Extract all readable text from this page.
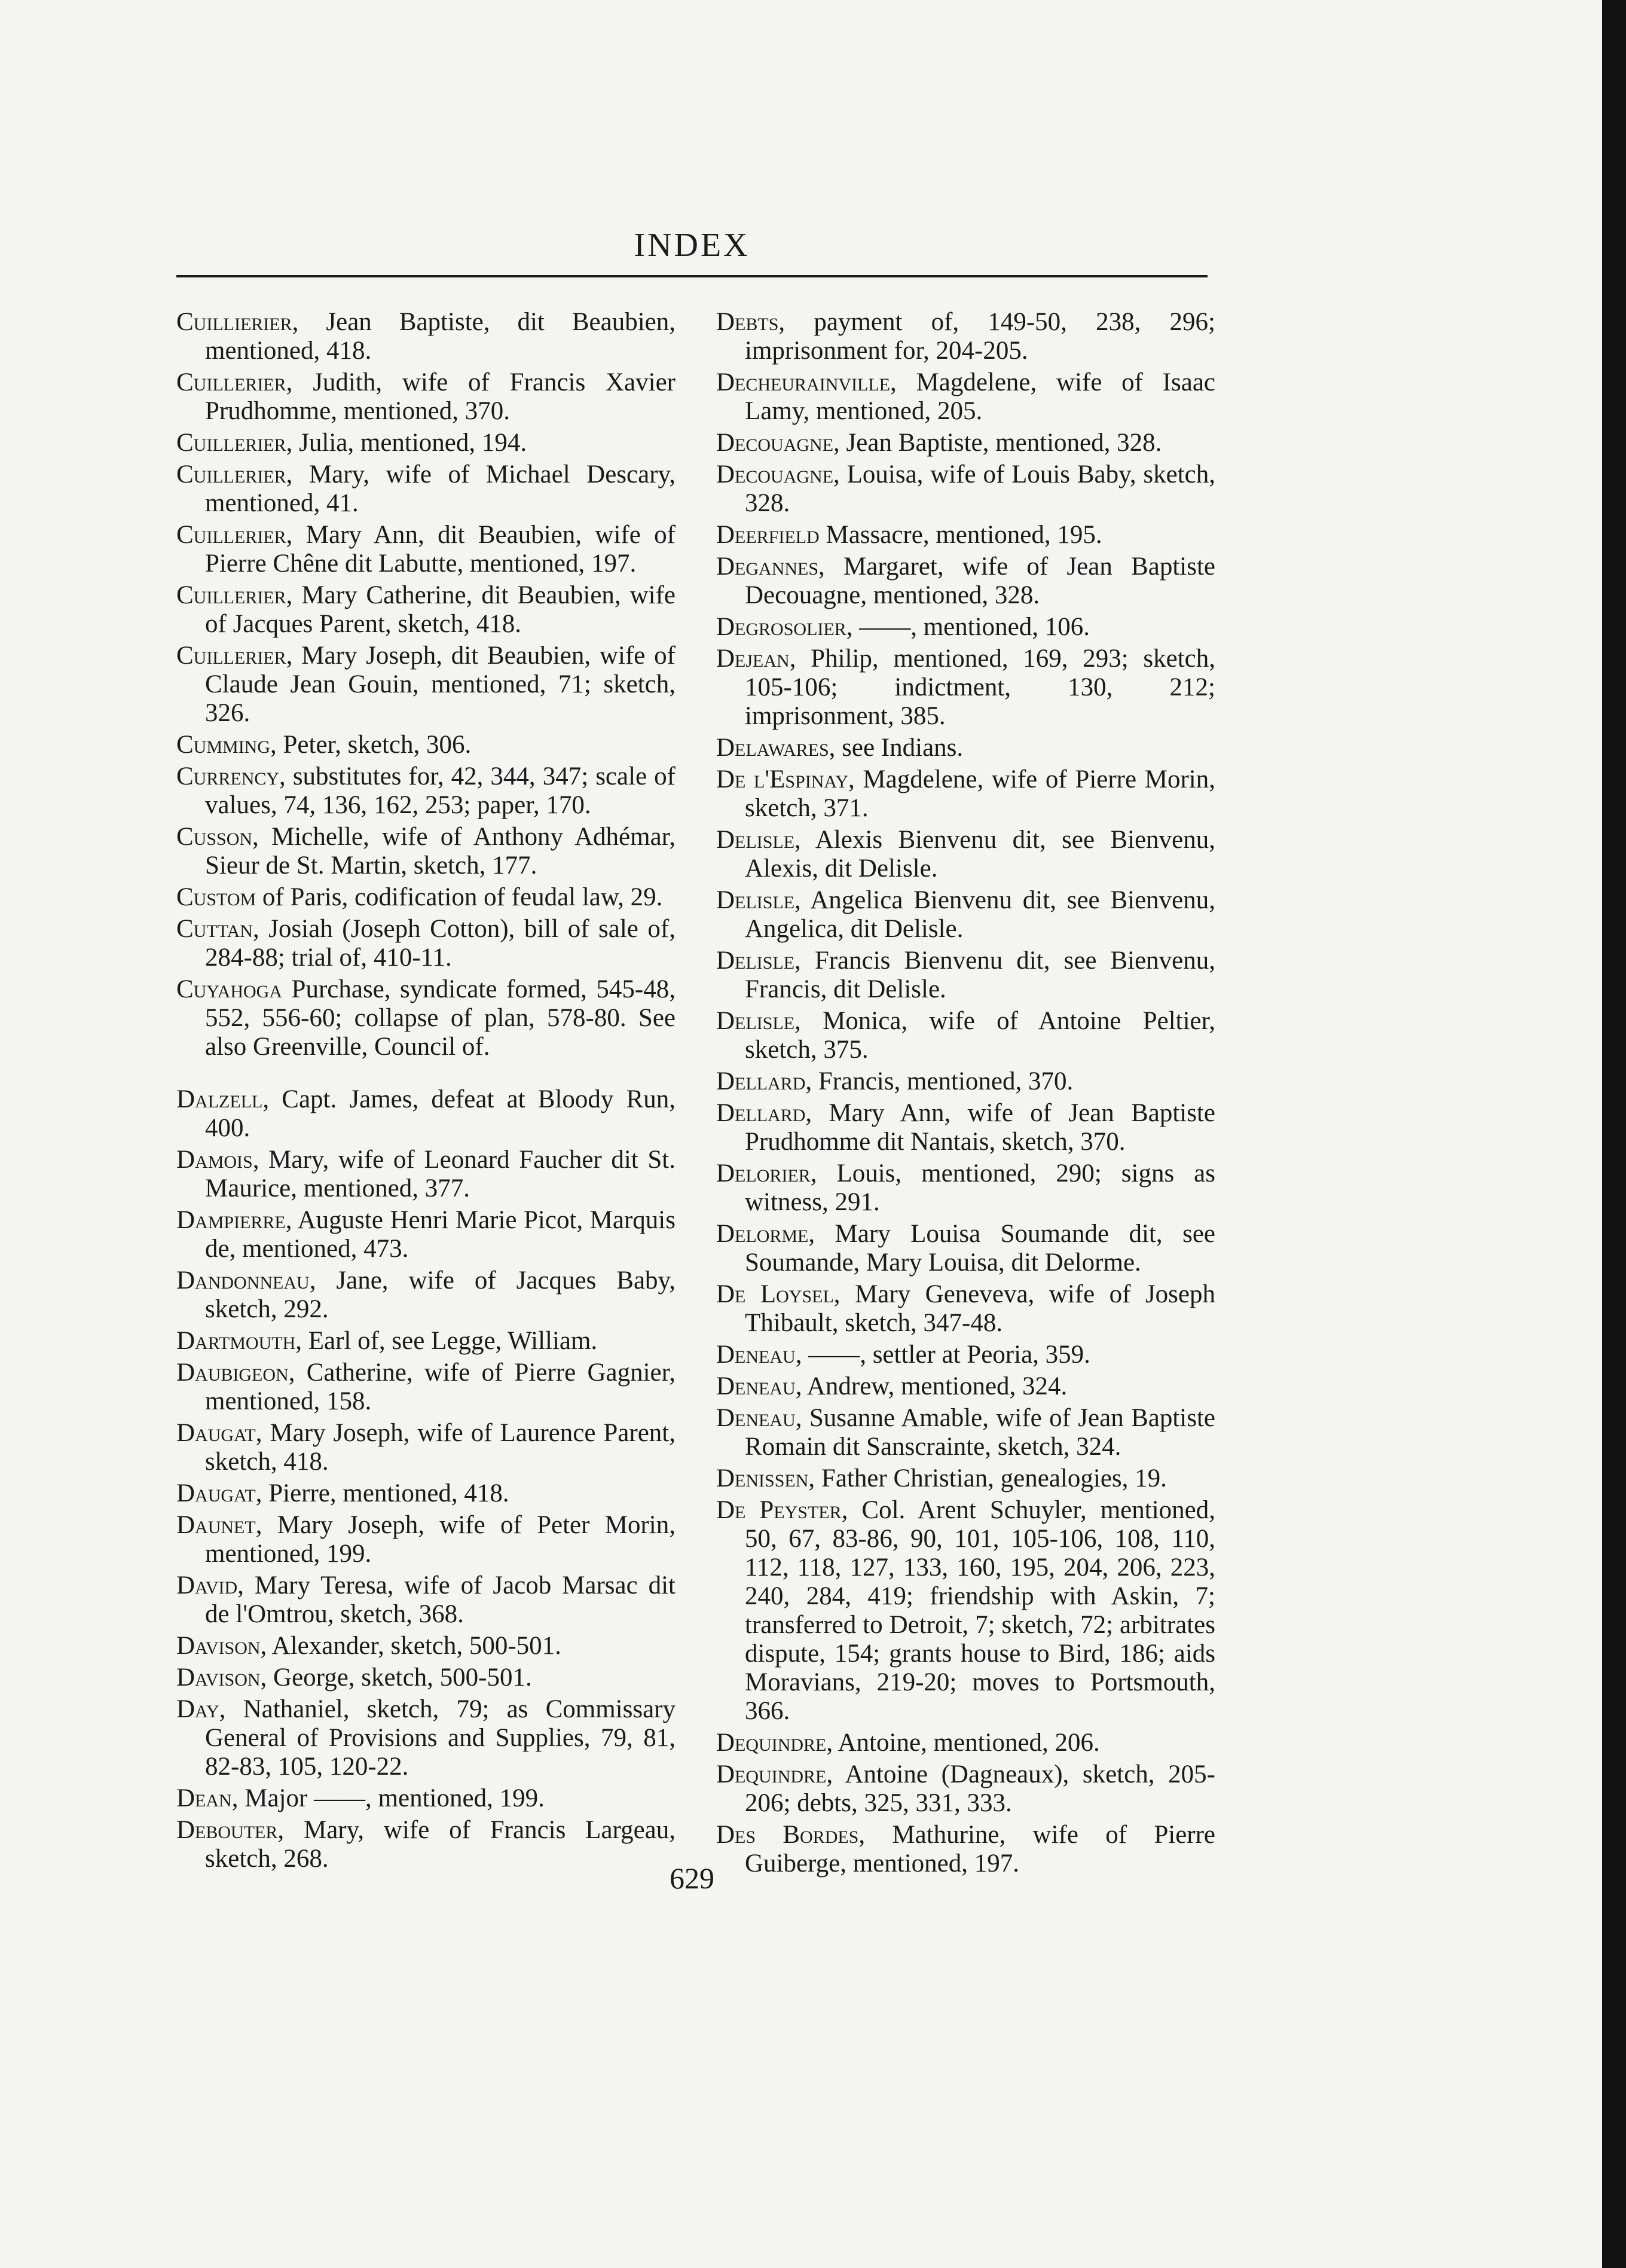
INDEX

Cuillierier, Jean Baptiste, dit Beaubien, mentioned, 418.

Cuillerier, Judith, wife of Francis Xavier Prudhomme, mentioned, 370.

Cuillerier, Julia, mentioned, 194.

Cuillerier, Mary, wife of Michael Descary, mentioned, 41.

Cuillerier, Mary Ann, dit Beaubien, wife of Pierre Chêne dit Labutte, mentioned, 197.

Cuillerier, Mary Catherine, dit Beaubien, wife of Jacques Parent, sketch, 418.

Cuillerier, Mary Joseph, dit Beaubien, wife of Claude Jean Gouin, mentioned, 71; sketch, 326.

Cumming, Peter, sketch, 306.

Currency, substitutes for, 42, 344, 347; scale of values, 74, 136, 162, 253; paper, 170.

Cusson, Michelle, wife of Anthony Adhémar, Sieur de St. Martin, sketch, 177.

Custom of Paris, codification of feudal law, 29.

Cuttan, Josiah (Joseph Cotton), bill of sale of, 284-88; trial of, 410-11.

Cuyahoga Purchase, syndicate formed, 545-48, 552, 556-60; collapse of plan, 578-80. See also Greenville, Council of.

Dalzell, Capt. James, defeat at Bloody Run, 400.

Damois, Mary, wife of Leonard Faucher dit St. Maurice, mentioned, 377.

Dampierre, Auguste Henri Marie Picot, Marquis de, mentioned, 473.

Dandonneau, Jane, wife of Jacques Baby, sketch, 292.

Dartmouth, Earl of, see Legge, William.

Daubigeon, Catherine, wife of Pierre Gagnier, mentioned, 158.

Daugat, Mary Joseph, wife of Laurence Parent, sketch, 418.

Daugat, Pierre, mentioned, 418.

Daunet, Mary Joseph, wife of Peter Morin, mentioned, 199.

David, Mary Teresa, wife of Jacob Marsac dit de l'Omtrou, sketch, 368.

Davison, Alexander, sketch, 500-501.

Davison, George, sketch, 500-501.

Day, Nathaniel, sketch, 79; as Commissary General of Provisions and Supplies, 79, 81, 82-83, 105, 120-22.

Dean, Major ——, mentioned, 199.

Debouter, Mary, wife of Francis Largeau, sketch, 268.

Debts, payment of, 149-50, 238, 296; imprisonment for, 204-205.

Decheurainville, Magdelene, wife of Isaac Lamy, mentioned, 205.

Decouagne, Jean Baptiste, mentioned, 328.

Decouagne, Louisa, wife of Louis Baby, sketch, 328.

Deerfield Massacre, mentioned, 195.

Degannes, Margaret, wife of Jean Baptiste Decouagne, mentioned, 328.

Degrosolier, ——, mentioned, 106.

Dejean, Philip, mentioned, 169, 293; sketch, 105-106; indictment, 130, 212; imprisonment, 385.

Delawares, see Indians.

De l'Espinay, Magdelene, wife of Pierre Morin, sketch, 371.

Delisle, Alexis Bienvenu dit, see Bienvenu, Alexis, dit Delisle.

Delisle, Angelica Bienvenu dit, see Bienvenu, Angelica, dit Delisle.

Delisle, Francis Bienvenu dit, see Bienvenu, Francis, dit Delisle.

Delisle, Monica, wife of Antoine Peltier, sketch, 375.

Dellard, Francis, mentioned, 370.

Dellard, Mary Ann, wife of Jean Baptiste Prudhomme dit Nantais, sketch, 370.

Delorier, Louis, mentioned, 290; signs as witness, 291.

Delorme, Mary Louisa Soumande dit, see Soumande, Mary Louisa, dit Delorme.

De Loysel, Mary Geneveva, wife of Joseph Thibault, sketch, 347-48.

Deneau, ——, settler at Peoria, 359.

Deneau, Andrew, mentioned, 324.

Deneau, Susanne Amable, wife of Jean Baptiste Romain dit Sanscrainte, sketch, 324.

Denissen, Father Christian, genealogies, 19.

De Peyster, Col. Arent Schuyler, mentioned, 50, 67, 83-86, 90, 101, 105-106, 108, 110, 112, 118, 127, 133, 160, 195, 204, 206, 223, 240, 284, 419; friendship with Askin, 7; transferred to Detroit, 7; sketch, 72; arbitrates dispute, 154; grants house to Bird, 186; aids Moravians, 219-20; moves to Portsmouth, 366.

Dequindre, Antoine, mentioned, 206.

Dequindre, Antoine (Dagneaux), sketch, 205-206; debts, 325, 331, 333.

Des Bordes, Mathurine, wife of Pierre Guiberge, mentioned, 197.

629
